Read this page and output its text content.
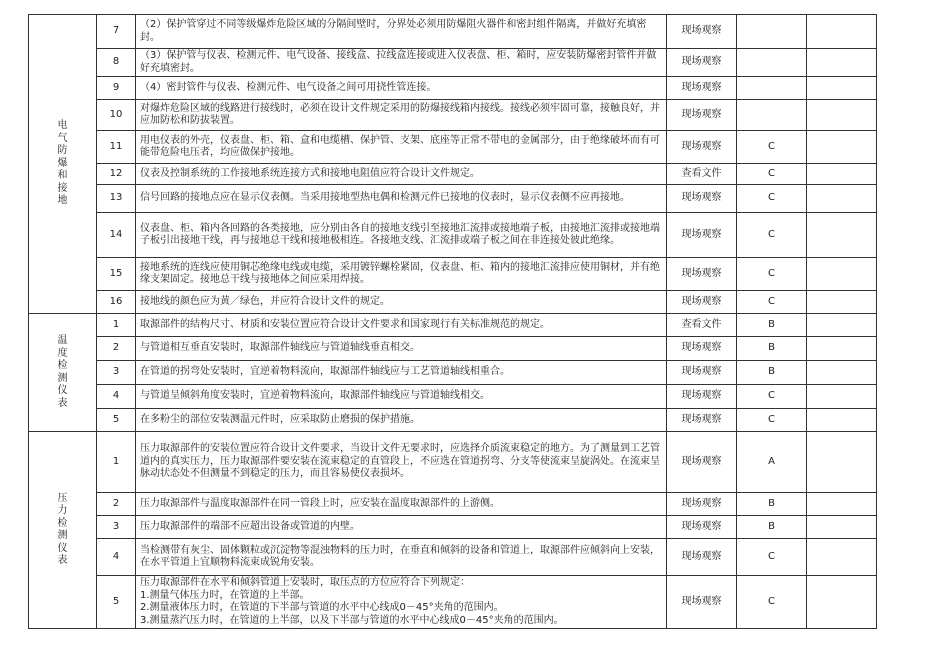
电气防爆和接地	7	（2）保护管穿过不同等级爆炸危险区域的分隔间壁时，分界处必须用防爆阻火器件和密封组件隔离，并做好充填密封。	现场观察		
	8	（3）保护管与仪表、检测元件、电气设备、接线盒、拉线盒连接或进入仪表盘、柜、箱时，应安装防爆密封管件并做好充填密封。	现场观察		
	9	（4）密封管件与仪表、检测元件、电气设备之间可用挠性管连接。	现场观察		
	10	对爆炸危险区域的线路进行接线时，必须在设计文件规定采用的防爆接线箱内接线。接线必须牢固可靠，接触良好，并应加防松和防拔装置。	现场观察		
	11	用电仪表的外壳，仪表盘、柜、箱、盒和电缆槽、保护管、支架、底座等正常不带电的金属部分，由于绝缘破坏而有可能带危险电压者，均应做保护接地。	现场观察	C	
	12	仪表及控制系统的工作接地系统连接方式和接地电阻值应符合设计文件规定。	查看文件	C	
	13	信号回路的接地点应在显示仪表侧。当采用接地型热电偶和检测元件已接地的仪表时，显示仪表侧不应再接地。	现场观察	C	
	14	仪表盘、柜、箱内各回路的各类接地，应分别由各自的接地支线引至接地汇流排或接地端子板，由接地汇流排或接地端子板引出接地干线，再与接地总干线和接地极相连。各接地支线、汇流排或端子板之间在非连接处彼此绝缘。	现场观察	C	
	15	接地系统的连线应使用铜芯绝缘电线或电缆，采用镀锌螺栓紧固，仪表盘、柜、箱内的接地汇流排应使用铜材，并有绝缘支架固定。接地总干线与接地体之间应采用焊接。	现场观察	C	
	16	接地线的颜色应为黄／绿色，并应符合设计文件的规定。	现场观察	C	

温度检测仪表	1	取源部件的结构尺寸、材质和安装位置应符合设计文件要求和国家现行有关标准规范的规定。	查看文件	B	
	2	与管道相互垂直安装时，取源部件轴线应与管道轴线垂直相交。	现场观察	B	
	3	在管道的拐弯处安装时，宜逆着物料流向，取源部件轴线应与工艺管道轴线相重合。	现场观察	B	
	4	与管道呈倾斜角度安装时，宜逆着物料流向，取源部件轴线应与管道轴线相交。	现场观察	C	
	5	在多粉尘的部位安装测温元件时，应采取防止磨损的保护措施。	现场观察	C	

压力检测仪表	1	压力取源部件的安装位置应符合设计文件要求，当设计文件无要求时，应选择介质流束稳定的地方。为了测量到工艺管道内的真实压力，压力取源部件要安装在流束稳定的直管段上，不应选在管道拐弯、分支等使流束呈旋涡处。在流束呈脉动状态处不但测量不到稳定的压力，而且容易使仪表损坏。	现场观察	A	
	2	压力取源部件与温度取源部件在同一管段上时，应安装在温度取源部件的上游侧。	现场观察	B	
	3	压力取源部件的端部不应超出设备或管道的内壁。	现场观察	B	
	4	当检测带有灰尘、固体颗粒或沉淀物等混浊物料的压力时，在垂直和倾斜的设备和管道上，取源部件应倾斜向上安装，在水平管道上宜顺物料流束成锐角安装。	现场观察	C	
	5	压力取源部件在水平和倾斜管道上安装时，取压点的方位应符合下列规定：
1.测量气体压力时，在管道的上半部。
2.测量液体压力时，在管道的下半部与管道的水平中心线成0－45°夹角的范围内。
3.测量蒸汽压力时，在管道的上半部，以及下半部与管道的水平中心线成0－45°夹角的范围内。	现场观察	C	
